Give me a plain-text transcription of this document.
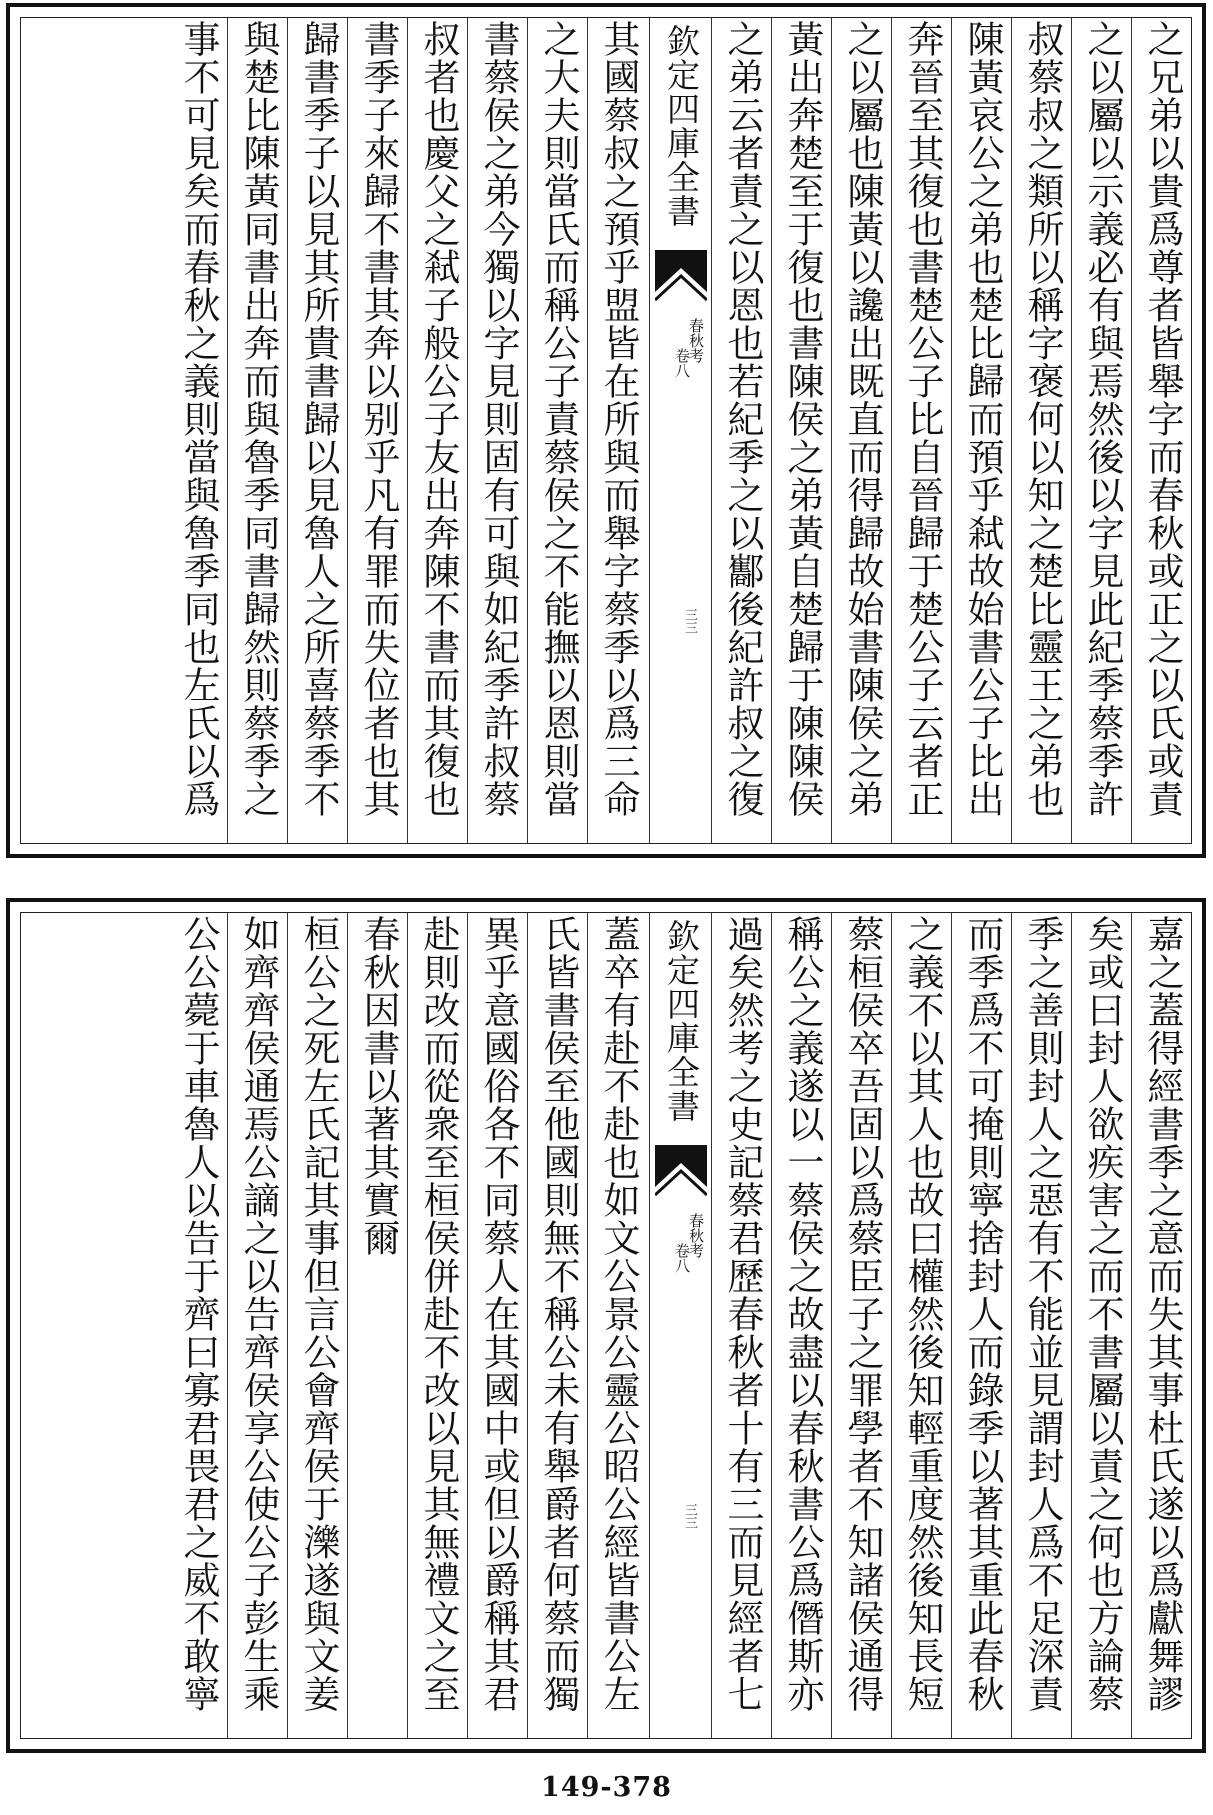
之兄弟以貴爲尊者皆舉字而春秋或正之以氏或責
之以屬以示義必有與焉然後以字見此紀季蔡季許
叔蔡叔之類所以稱字褒何以知之楚比靈王之弟也
陳黃哀公之弟也楚比歸而預乎弒故始書公子比出
奔晉至其復也書楚公子比自晉歸于楚公子云者正
之以屬也陳黃以讒出既直而得歸故始書陳侯之弟
黃出奔楚至于復也書陳侯之弟黃自楚歸于陳陳侯
之弟云者責之以恩也若紀季之以酅後紀許叔之復
欽定四庫全書
春秋考
卷八
三三
其國蔡叔之預乎盟皆在所與而舉字蔡季以爲三命
之大夫則當氏而稱公子責蔡侯之不能撫以恩則當
書蔡侯之弟今獨以字見則固有可與如紀季許叔蔡
叔者也慶父之弒子般公子友出奔陳不書而其復也
書季子來歸不書其奔以别乎凡有罪而失位者也其
歸書季子以見其所貴書歸以見魯人之所喜蔡季不
與楚比陳黃同書出奔而與魯季同書歸然則蔡季之
事不可見矣而春秋之義則當與魯季同也左氏以爲
嘉之蓋得經書季之意而失其事杜氏遂以爲獻舞謬
矣或曰封人欲疾害之而不書屬以責之何也方論蔡
季之善則封人之惡有不能並見謂封人爲不足深責
而季爲不可掩則寧捨封人而錄季以著其重此春秋
之義不以其人也故曰權然後知輕重度然後知長短
蔡桓侯卒吾固以爲蔡臣子之罪學者不知諸侯通得
稱公之義遂以一蔡侯之故盡以春秋書公爲僭斯亦
過矣然考之史記蔡君歷春秋者十有三而見經者七
欽定四庫全書
春秋考
卷八
三三
蓋卒有赴不赴也如文公景公靈公昭公經皆書公左
氏皆書侯至他國則無不稱公未有舉爵者何蔡而獨
異乎意國俗各不同蔡人在其國中或但以爵稱其君
赴則改而從衆至桓侯併赴不改以見其無禮文之至
春秋因書以著其實爾
桓公之死左氏記其事但言公會齊侯于濼遂與文姜
如齊齊侯通焉公謫之以告齊侯享公使公子彭生乘
公公薨于車魯人以告于齊曰寡君畏君之威不敢寧
149-378
